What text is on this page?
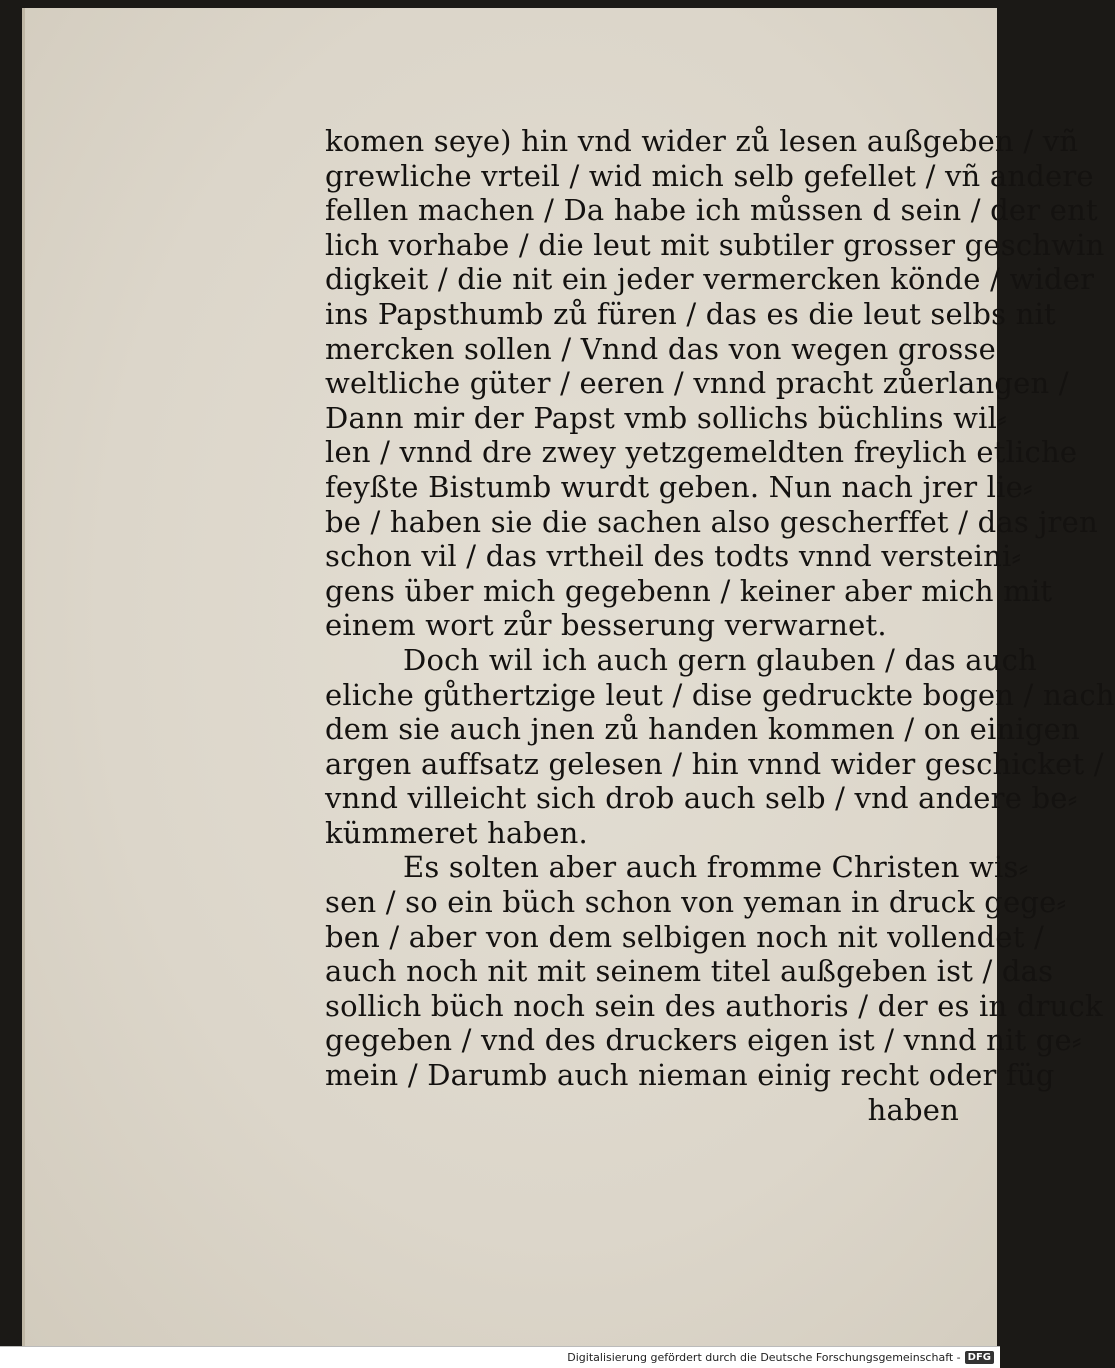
komen seye) hin vnd wider zů lesen außgeben / vñ
grewliche vrteil / wid mich selb gefellet / vñ andere
fellen machen / Da habe ich můssen d sein / der ent
lich vorhabe / die leut mit subtiler grosser geschwin
digkeit / die nit ein jeder vermercken könde / wider
ins Papsthumb zů füren / das es die leut selbs nit
mercken sollen / Vnnd das von wegen grosse
weltliche güter / eeren / vnnd pracht zůerlangen /
Dann mir der Papst vmb sollichs büchlins wil⸗
len / vnnd dre zwey yetzgemeldten freylich etliche
feyßte Bistumb wurdt geben. Nun nach jrer lie⸗
be / haben sie die sachen also gescherffet / das jren
schon vil / das vrtheil des todts vnnd versteini⸗
gens über mich gegebenn / keiner aber mich mit
einem wort zůr besserung verwarnet.
Doch wil ich auch gern glauben / das auch
eliche gůthertzige leut / dise gedruckte bogen / nach
dem sie auch jnen zů handen kommen / on einigen
argen auffsatz gelesen / hin vnnd wider geschicket /
vnnd villeicht sich drob auch selb / vnd andere be⸗
kümmeret haben.
Es solten aber auch fromme Christen wis⸗
sen / so ein büch schon von yeman in druck gege⸗
ben / aber von dem selbigen noch nit vollendet /
auch noch nit mit seinem titel außgeben ist / das
sollich büch noch sein des authoris / der es in druck
gegeben / vnd des druckers eigen ist / vnnd nit ge⸗
mein / Darumb auch nieman einig recht oder füg
haben
Digitalisierung gefördert durch die Deutsche Forschungsgemeinschaft - DFG
